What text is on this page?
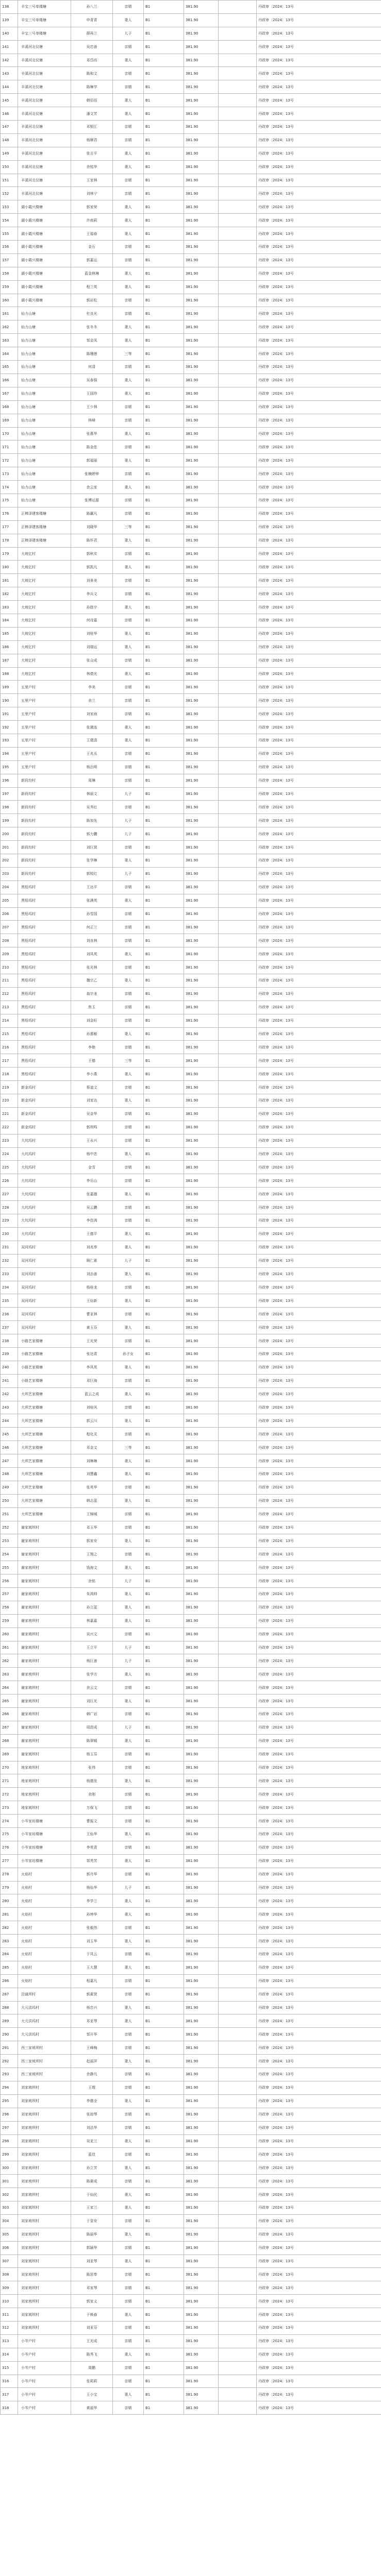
138	丰宝三号单楼塘	孙八兰	亲婿	B1	381.90		丹政审〔2024〕13号
139	丰宝三号单楼塘	申青青	妻人	B1	381.90		丹政审〔2024〕13号
140	丰宝三号单楼塘	薛再兰	儿子	B1	381.90		丹政审〔2024〕13号
141	丰溪河北仪塘	吴忠善	亲婿	B1	381.90		丹政审〔2024〕13号
142	丰溪河北仪塘	邓岱坊	妻人	B1	381.90		丹政审〔2024〕13号
143	丰溪河北仪塘	陈和文	亲婿	B1	381.90		丹政审〔2024〕13号
144	丰溪河北仪塘	陈琳学	亲婿	B1	381.90		丹政审〔2024〕13号
145	丰溪河北仪塘	韩佰佰	妻人	B1	381.90		丹政审〔2024〕13号
146	丰溪河北仪塘	潘文芳	妻人	B1	381.90		丹政审〔2024〕13号
147	丰溪河北仪塘	邓银江	亲婿	B1	381.90		丹政审〔2024〕13号
148	丰溪河北仪塘	杨顺君	亲婿	B1	381.90		丹政审〔2024〕13号
149	丰溪河北仪塘	张吉平	妻人	B1	381.90		丹政审〔2024〕13号
150	丰溪河北仪塘	余铭华	妻人	B1	381.90		丹政审〔2024〕13号
151	丰溪河北仪塘	王家林	亲婿	B1	381.90		丹政审〔2024〕13号
152	丰溪河北仪塘	刘林宁	亲婿	B1	381.90		丹政审〔2024〕13号
153	湖小霞兴楼塘	郭家荣	妻人	B1	381.90		丹政审〔2024〕13号
154	湖小霞兴楼塘	许南莉	妻人	B1	381.90		丹政审〔2024〕13号
155	湖小霞兴楼塘	王福春	妻人	B1	381.90		丹政审〔2024〕13号
156	湖小霞兴楼塘	金石	亲婿	B1	381.90		丹政审〔2024〕13号
157	湖小霞兴楼塘	郭嘉运	亲婿	B1	381.90		丹政审〔2024〕13号
158	湖小霞兴楼塘	蓝金林琳	妻人	B1	381.90		丹政审〔2024〕13号
159	湖小霞兴楼塘	程兰英	妻人	B1	381.90		丹政审〔2024〕13号
160	湖小霞兴楼塘	郭岩松	亲婿	B1	381.90		丹政审〔2024〕13号
161	仙力山塘	杜良光	亲婿	B1	381.90		丹政审〔2024〕13号
162	仙力山塘	张冬冬	妻人	B1	381.90		丹政审〔2024〕13号
163	仙力山塘	邹金凤	妻人	B1	381.90		丹政审〔2024〕13号
164	仙力山塘	陈珊莲	三等	B1	381.90		丹政审〔2024〕13号
165	仙力山塘	何清	亲婿	B1	381.90		丹政审〔2024〕13号
166	仙力山塘	吴春强	妻人	B1	381.90		丹政审〔2024〕13号
167	仙力山塘	王国珍	妻人	B1	381.90		丹政审〔2024〕13号
168	仙力山塘	王少林	亲婿	B1	381.90		丹政审〔2024〕13号
169	仙力山塘	林峰	亲婿	B1	381.90		丹政审〔2024〕13号
170	仙力山塘	张惠华	妻人	B1	381.90		丹政审〔2024〕13号
171	仙力山塘	陈金佳	亲婿	B1	381.90		丹政审〔2024〕13号
172	仙力山塘	郭福丽	妻人	B1	381.90		丹政审〔2024〕13号
173	仙力山塘	张楠婷钟	亲婿	B1	381.90		丹政审〔2024〕13号
174	仙力山塘	余云家	妻人	B1	381.90		丹政审〔2024〕13号
175	仙力山塘	张傅运源	亲婿	B1	381.90		丹政审〔2024〕13号
176	正棒泽建客楼塘	陈赢凡	亲婿	B1	381.90		丹政审〔2024〕13号
177	正棒泽建客楼塘	刘晓华	三等	B1	381.90		丹政审〔2024〕13号
178	正棒泽建客楼塘	陈怀君	妻人	B1	381.90		丹政审〔2024〕13号
179	大坡亿村	郭秋实	亲婿	B1	381.90		丹政审〔2024〕13号
180	大坡亿村	郭凯凡	妻人	B1	381.90		丹政审〔2024〕13号
181	大坡亿村	刘景美	亲婿	B1	381.90		丹政审〔2024〕13号
182	大坡亿村	李兵文	亲婿	B1	381.90		丹政审〔2024〕13号
183	大坡亿村	孙胜宇	妻人	B1	381.90		丹政审〔2024〕13号
184	大坡亿村	何诗嘉	亲婿	B1	381.90		丹政审〔2024〕13号
185	大坡亿村	刘桂华	妻人	B1	381.90		丹政审〔2024〕13号
186	大坡亿村	刘瑞运	妻人	B1	381.90		丹政审〔2024〕13号
187	大坡亿村	张众成	亲婿	B1	381.90		丹政审〔2024〕13号
188	大坡亿村	林倩光	妻人	B1	381.90		丹政审〔2024〕13号
189	五里户村	李美	亲婿	B1	381.90		丹政审〔2024〕13号
190	五里户村	余兰	亲婿	B1	381.90		丹政审〔2024〕13号
191	五里户村	刘家雨	亲婿	B1	381.90		丹政审〔2024〕13号
192	五里户村	张黛连	妻人	B1	381.90		丹政审〔2024〕13号
193	五里户村	王建清	妻人	B1	381.90		丹政审〔2024〕13号
194	五里户村	王兆丞	亲婿	B1	381.90		丹政审〔2024〕13号
195	五里户村	杨治明	亲婿	B1	381.90		丹政审〔2024〕13号
196	新段均村	周琳	亲婿	B1	381.90		丹政审〔2024〕13号
197	新段均村	林丽文	儿子	B1	381.90		丹政审〔2024〕13号
198	新段均村	吴秀红	亲婿	B1	381.90		丹政审〔2024〕13号
199	新段均村	陈加先	儿子	B1	381.90		丹政审〔2024〕13号
200	新段均村	郭力鹏	儿子	B1	381.90		丹政审〔2024〕13号
201	新段均村	刘巨贤	亲婿	B1	381.90		丹政审〔2024〕13号
202	新段均村	张学琳	妻人	B1	381.90		丹政审〔2024〕13号
203	新段均村	郭锐红	儿子	B1	381.90		丹政审〔2024〕13号
204	黑铅坞村	王达平	亲婿	B1	381.90		丹政审〔2024〕13号
205	黑铅坞村	张满英	妻人	B1	381.90		丹政审〔2024〕13号
206	黑铅坞村	孙雪国	亲婿	B1	381.90		丹政审〔2024〕13号
207	黑铅坞村	何正兰	亲婿	B1	381.90		丹政审〔2024〕13号
208	黑铅坞村	刘良林	亲婿	B1	381.90		丹政审〔2024〕13号
209	黑铅坞村	刘凤英	妻人	B1	381.90		丹政审〔2024〕13号
210	黑铅坞村	张光林	亲婿	B1	381.90		丹政审〔2024〕13号
211	黑铅坞村	魏宗乙	妻人	B1	381.90		丹政审〔2024〕13号
212	黑铅坞村	翁宗龙	亲婿	B1	381.90		丹政审〔2024〕13号
213	黑铅坞村	焦玉	亲婿	B1	381.90		丹政审〔2024〕13号
214	黑铅坞村	刘金旺	亲婿	B1	381.90		丹政审〔2024〕13号
215	黑铅坞村	孙惠敏	妻人	B1	381.90		丹政审〔2024〕13号
216	黑铅坞村	李艳	亲婿	B1	381.90		丹政审〔2024〕13号
217	黑铅坞村	王德	三等	B1	381.90		丹政审〔2024〕13号
218	黑铅坞村	李小燕	妻人	B1	381.90		丹政审〔2024〕13号
219	新金坞村	蔡道文	亲婿	B1	381.90		丹政审〔2024〕13号
220	新金坞村	刘家达	妻人	B1	381.90		丹政审〔2024〕13号
221	新金坞村	吴金华	亲婿	B1	381.90		丹政审〔2024〕13号
222	新金坞村	郭利鸣	亲婿	B1	381.90		丹政审〔2024〕13号
223	大坑坞村	王永兴	亲婿	B1	381.90		丹政审〔2024〕13号
224	大坑坞村	杨中恋	妻人	B1	381.90		丹政审〔2024〕13号
225	大坑坞村	金雪	亲婿	B1	381.90		丹政审〔2024〕13号
226	大坑坞村	李乐山	亲婿	B1	381.90		丹政审〔2024〕13号
227	大坑坞村	张嘉德	妻人	B1	381.90		丹政审〔2024〕13号
228	大坑坞村	吴云鹏	亲婿	B1	381.90		丹政审〔2024〕13号
229	大坑坞村	李佳鸿	亲婿	B1	381.90		丹政审〔2024〕13号
230	大坑坞村	王德平	妻人	B1	381.90		丹政审〔2024〕13号
231	双河坞村	刘兆奉	妻人	B1	381.90		丹政审〔2024〕13号
232	双河坞村	顾仁素	儿子	B1	381.90		丹政审〔2024〕13号
233	双河坞村	刘治善	妻人	B1	381.90		丹政审〔2024〕13号
234	双河坞村	杨桂龙	亲婿	B1	381.90		丹政审〔2024〕13号
235	双河坞村	王仙新	妻人	B1	381.90		丹政审〔2024〕13号
236	双河坞村	曹亚林	亲婿	B1	381.90		丹政审〔2024〕13号
237	双河坞村	黄玉芬	妻人	B1	381.90		丹政审〔2024〕13号
238	小路艺家楼塘	王光荣	亲婿	B1	381.90		丹政审〔2024〕13号
239	小路艺家楼塘	张达青	孙子女	B1	381.90		丹政审〔2024〕13号
240	小路艺家楼塘	李凤英	妻人	B1	381.90		丹政审〔2024〕13号
241	小路艺家楼塘	邓巨海	亲婿	B1	381.90		丹政审〔2024〕13号
242	大坝艺家楼塘	蓝云之成	妻人	B1	381.90		丹政审〔2024〕13号
243	大坝艺家楼塘	刘桂风	亲婿	B1	381.90		丹政审〔2024〕13号
244	大坝艺家楼塘	郭云川	妻人	B1	381.90		丹政审〔2024〕13号
245	大坝艺家楼塘	程化灵	亲婿	B1	381.90		丹政审〔2024〕13号
246	大坝艺家楼塘	邓金文	三等	B1	381.90		丹政审〔2024〕13号
247	大坝艺家楼塘	刘琳琳	妻人	B1	381.90		丹政审〔2024〕13号
248	大坝艺家楼塘	刘慧鑫	妻人	B1	381.90		丹政审〔2024〕13号
249	大坝艺家楼塘	张英华	亲婿	B1	381.90		丹政审〔2024〕13号
250	大坝艺家楼塘	韩志蓝	妻人	B1	381.90		丹政审〔2024〕13号
251	大坝艺家楼塘	王锦城	亲婿	B1	381.90		丹政审〔2024〕13号
252	谢家坡坝村	邓玉华	亲婿	B1	381.90		丹政审〔2024〕13号
253	谢家坡坝村	郭家安	妻人	B1	381.90		丹政审〔2024〕13号
254	谢家坡坝村	王翔之	亲婿	B1	381.90		丹政审〔2024〕13号
255	谢家坡坝村	钱海文	妻人	B1	381.90		丹政审〔2024〕13号
256	谢家坡坝村	余铭	儿子	B1	381.90		丹政审〔2024〕13号
257	谢家坡坝村	朱鸿帅	妻人	B1	381.90		丹政审〔2024〕13号
258	谢家坡坝村	孙立蓝	妻人	B1	381.90		丹政审〔2024〕13号
259	谢家坡坝村	林嘉嘉	妻人	B1	381.90		丹政审〔2024〕13号
260	谢家坡坝村	吴兴文	亲婿	B1	381.90		丹政审〔2024〕13号
261	谢家坡坝村	王立平	儿子	B1	381.90		丹政审〔2024〕13号
262	谢家坡坝村	杨巨善	儿子	B1	381.90		丹政审〔2024〕13号
263	谢家坡坝村	张学方	妻人	B1	381.90		丹政审〔2024〕13号
264	谢家坡坝村	余云文	亲婿	B1	381.90		丹政审〔2024〕13号
265	谢家坡坝村	刘巨光	妻人	B1	381.90		丹政审〔2024〕13号
266	谢家坡坝村	韩广岩	亲婿	B1	381.90		丹政审〔2024〕13号
267	谢家坡坝村	周恩成	儿子	B1	381.90		丹政审〔2024〕13号
268	谢家坡坝村	陈翠嫣	妻人	B1	381.90		丹政审〔2024〕13号
269	谢家坡坝村	杨玉芬	亲婿	B1	381.90		丹政审〔2024〕13号
270	地家坡坝村	张伟	亲婿	B1	381.90		丹政审〔2024〕13号
271	地家坡坝村	杨德发	妻人	B1	381.90		丹政审〔2024〕13号
272	地家坡坝村	余刚	亲婿	B1	381.90		丹政审〔2024〕13号
273	地家坡坝村	万保飞	亲婿	B1	381.90		丹政审〔2024〕13号
274	小岑家坊楼塘	曹振文	亲婿	B1	381.90		丹政审〔2024〕13号
275	小岑家坊楼塘	王仙华	妻人	B1	381.90		丹政审〔2024〕13号
276	小岑家坊楼塘	李英青	亲婿	B1	381.90		丹政审〔2024〕13号
277	小岑家坊楼塘	邹秀芳	妻人	B1	381.90		丹政审〔2024〕13号
278	火焰村	郭丹华	亲婿	B1	381.90		丹政审〔2024〕13号
279	火焰村	杨仙华	儿子	B1	381.90		丹政审〔2024〕13号
280	火焰村	李学兰	妻人	B1	381.90		丹政审〔2024〕13号
281	火焰村	孙坤华	妻人	B1	381.90		丹政审〔2024〕13号
282	火焰村	张毅然	亲婿	B1	381.90		丹政审〔2024〕13号
283	火焰村	刘玉华	妻人	B1	381.90		丹政审〔2024〕13号
284	火焰村	于凤云	亲婿	B1	381.90		丹政审〔2024〕13号
285	火焰村	王大慧	妻人	B1	381.90		丹政审〔2024〕13号
286	火焰村	程嘉凡	亲婿	B1	381.90		丹政审〔2024〕13号
287	沿通坝村	郭素贤	亲婿	B1	381.90		丹政审〔2024〕13号
288	大元洪坞村	杨忠兴	妻人	B1	381.90		丹政审〔2024〕13号
289	大元洪坞村	邓亚琴	妻人	B1	381.90		丹政审〔2024〕13号
290	大元洪坞村	邹开华	亲婿	B1	381.90		丹政审〔2024〕13号
291	西三家坡坝村	王峰梅	亲婿	B1	381.90		丹政审〔2024〕13号
292	西三家坡坝村	赵丽萍	妻人	B1	381.90		丹政审〔2024〕13号
293	西三家坡坝村	余静凡	亲婿	B1	381.90		丹政审〔2024〕13号
294	刘家坡坝村	王理	亲婿	B1	381.90		丹政审〔2024〕13号
295	刘家坡坝村	李德全	妻人	B1	381.90		丹政审〔2024〕13号
296	刘家坡坝村	张琼琴	亲婿	B1	381.90		丹政审〔2024〕13号
297	刘家坡坝村	刘洁华	亲婿	B1	381.90		丹政审〔2024〕13号
298	刘家坡坝村	吴亚兰	妻人	B1	381.90		丹政审〔2024〕13号
299	刘家坡坝村	蓝佳	亲婿	B1	381.90		丹政审〔2024〕13号
300	刘家坡坝村	孙立芳	妻人	B1	381.90		丹政审〔2024〕13号
301	刘家坡坝村	陈素成	亲婿	B1	381.90		丹政审〔2024〕13号
302	刘家坡坝村	于仙民	妻人	B1	381.90		丹政审〔2024〕13号
303	刘家坡坝村	王家兰	妻人	B1	381.90		丹政审〔2024〕13号
304	刘家坡坝村	于显安	亲婿	B1	381.90		丹政审〔2024〕13号
305	刘家坡坝村	陈丽华	妻人	B1	381.90		丹政审〔2024〕13号
306	刘家坡坝村	郭颖华	亲婿	B1	381.90		丹政审〔2024〕13号
307	刘家坡坝村	刘亚琴	妻人	B1	381.90		丹政审〔2024〕13号
308	刘家坡坝村	陈思奉	亲婿	B1	381.90		丹政审〔2024〕13号
309	刘家坡坝村	邓家琴	亲婿	B1	381.90		丹政审〔2024〕13号
310	刘家坡坝村	郭家义	亲婿	B1	381.90		丹政审〔2024〕13号
311	刘家坡坝村	于焕春	妻人	B1	381.90		丹政审〔2024〕13号
312	刘家坡坝村	刘亚芬	亲婿	B1	381.90		丹政审〔2024〕13号
313	小岑户村	王光成	亲婿	B1	381.90		丹政审〔2024〕13号
314	小岑户村	陈秀飞	妻人	B1	381.90		丹政审〔2024〕13号
315	小岑户村	周鹏	亲婿	B1	381.90		丹政审〔2024〕13号
316	小岑户村	张莉莉	亲婿	B1	381.90		丹政审〔2024〕13号
317	小岑户村	王小宝	妻人	B1	381.90		丹政审〔2024〕13号
318	小岑户村	黄丽华	亲婿	B1	381.90		丹政审〔2024〕13号
